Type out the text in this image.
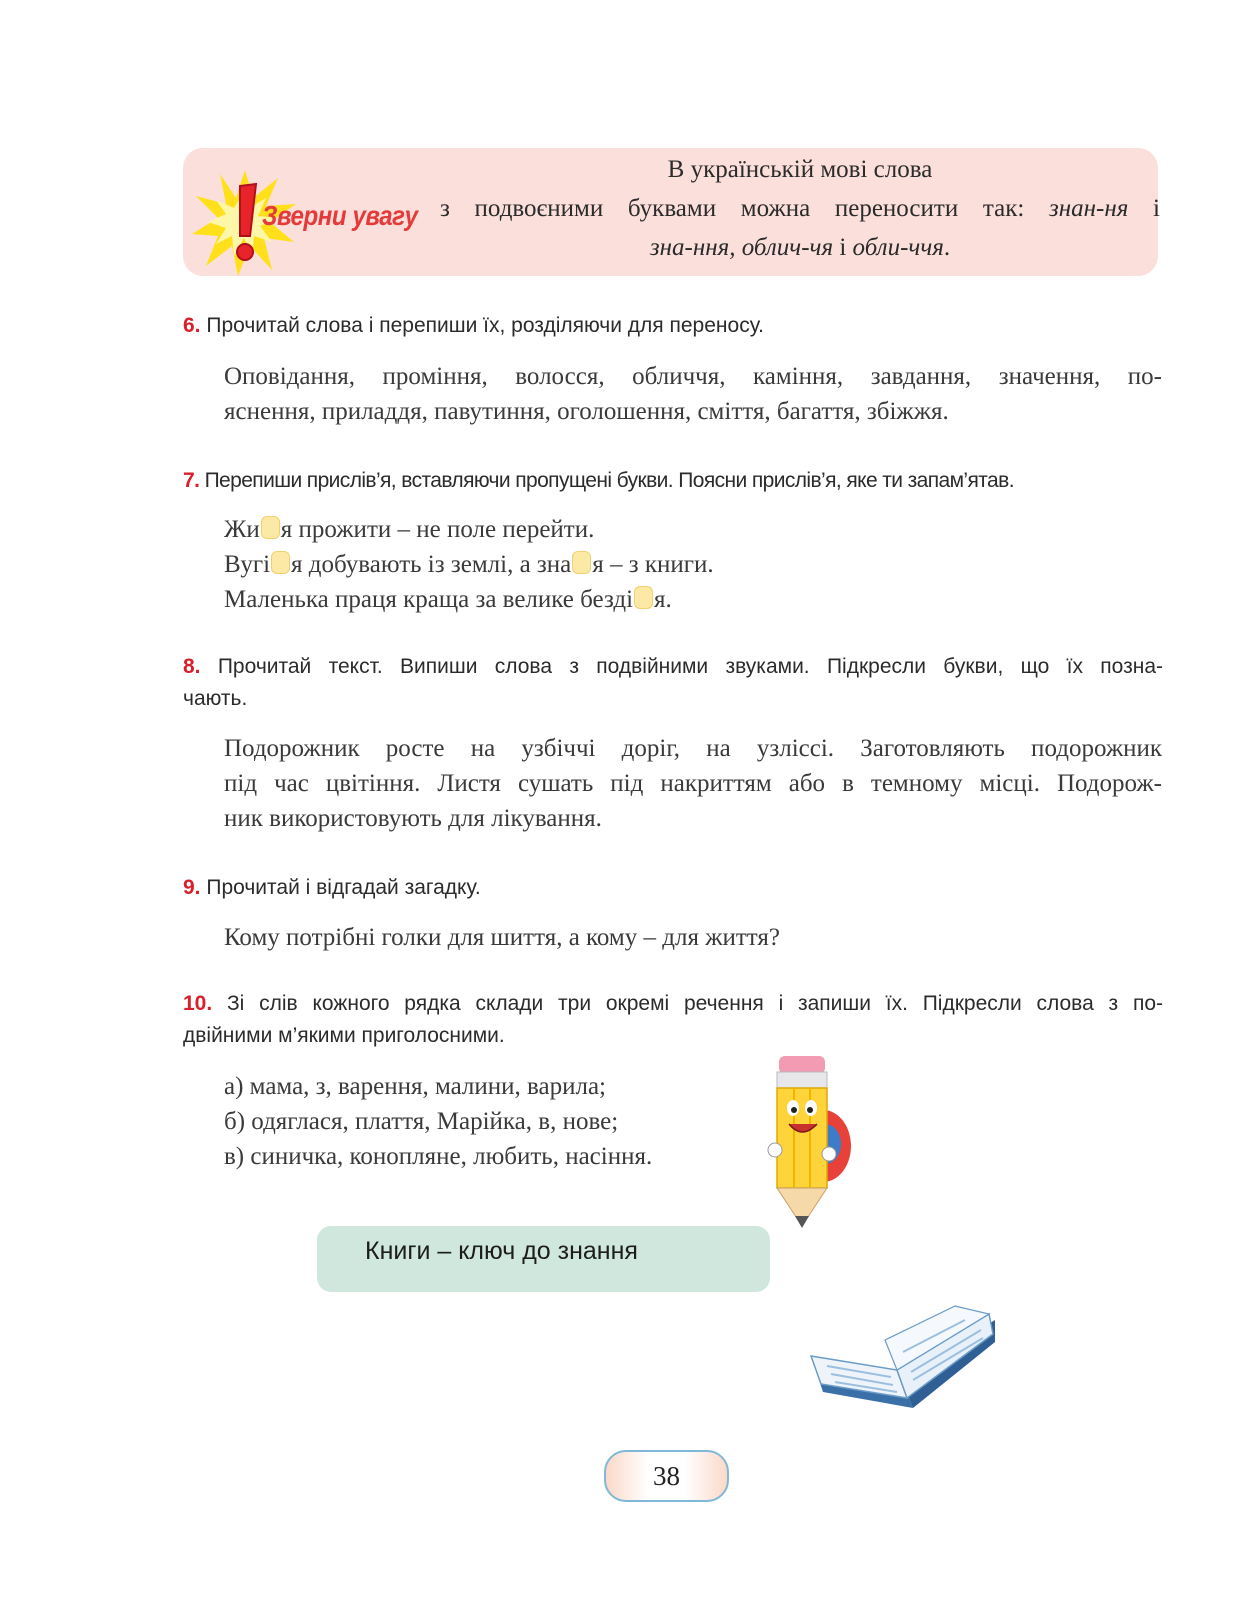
Зверни увагу
В українській мові слова
з подвоєними буквами можна переносити так: знан-ня і
зна-ння, облич-чя і обли-ччя.
6. Прочитай слова і перепиши їх, розділяючи для переносу.
Оповідання, проміння, волосся, обличчя, каміння, завдання, значення, по-
яснення, приладдя, павутиння, оголошення, сміття, багаття, збіжжя.
7. Перепиши прислів’я, вставляючи пропущені букви. Поясни прислів’я, яке ти запам’ятав.
Жи я прожити – не поле перейти.
Вугі я добувають із землі, а зна я – з книги.
Маленька праця краща за велике безді я.
8. Прочитай текст. Випиши слова з подвійними звуками. Підкресли букви, що їх позна-
чають.
Подорожник росте на узбіччі доріг, на узліссі. Заготовляють подорожник
під час цвітіння. Листя сушать під накриттям або в темному місці. Подорож-
ник використовують для лікування.
9. Прочитай і відгадай загадку.
Кому потрібні голки для шиття, а кому – для життя?
10. Зі слів кожного рядка склади три окремі речення і запиши їх. Підкресли слова з по-
двійними м’якими приголосними.
а) мама, з, варення, малини, варила;
б) одяглася, плаття, Марійка, в, нове;
в) синичка, коноплянe, любить, насіння.
Книги – ключ до знання
38
